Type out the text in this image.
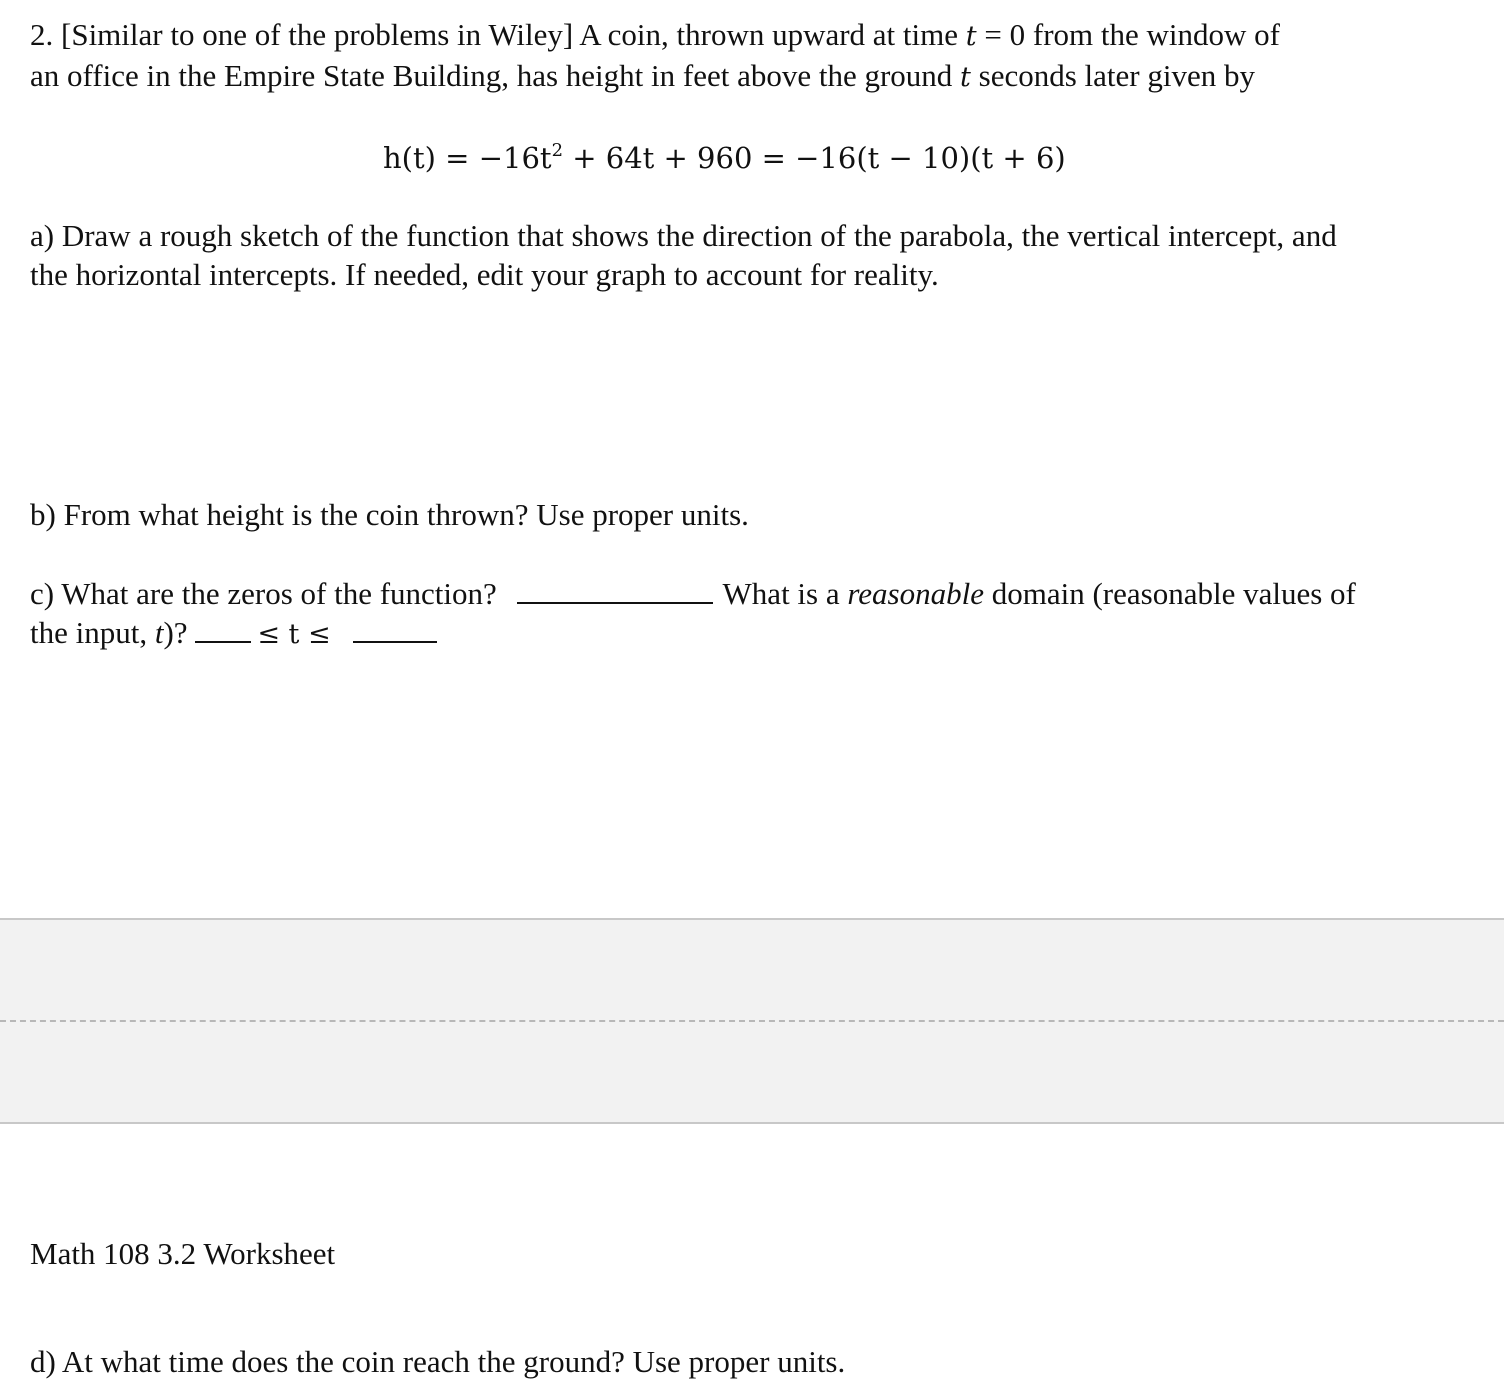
2. [Similar to one of the problems in Wiley] A coin, thrown upward at time t = 0 from the window of
an office in the Empire State Building, has height in feet above the ground t seconds later given by
$h(t) = -16t^2 + 64t + 960 = -16(t - 10)(t + 6)$
a) Draw a rough sketch of the function that shows the direction of the parabola, the vertical intercept, and
the horizontal intercepts. If needed, edit your graph to account for reality.
b) From what height is the coin thrown? Use proper units.
c) What are the zeros of the function?	What is a reasonable domain (reasonable values of
the input, t)? ≤ t ≤
Math 108 3.2 Worksheet
d) At what time does the coin reach the ground? Use proper units.
